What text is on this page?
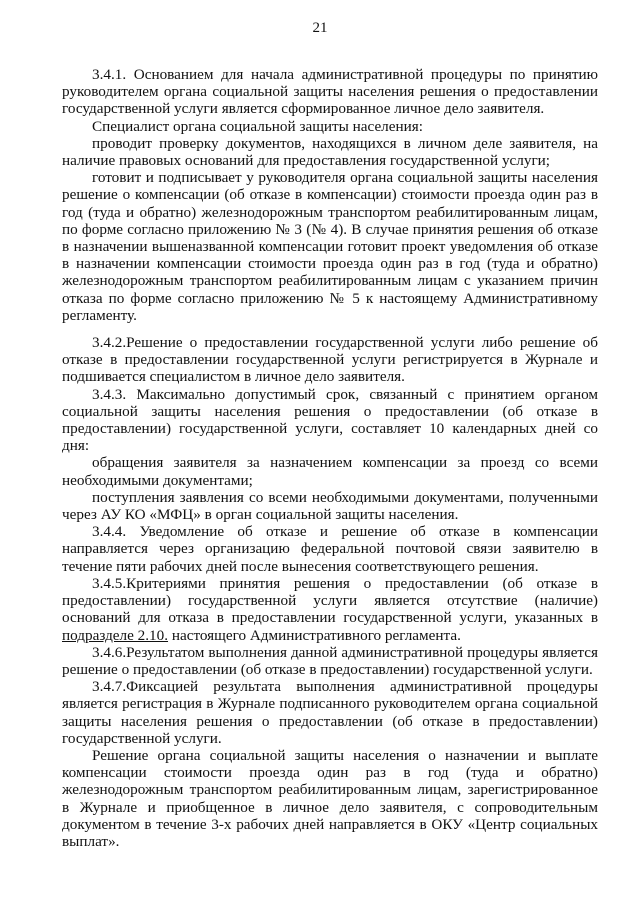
21

3.4.1. Основанием для начала административной процедуры по принятию руководителем органа социальной защиты населения решения о предоставлении государственной услуги является сформированное личное дело заявителя.

Специалист органа социальной защиты населения:

проводит проверку документов, находящихся в личном деле заявителя, на наличие правовых оснований для предоставления государственной услуги;

готовит и подписывает у руководителя органа социальной защиты населения решение о компенсации (об отказе в компенсации) стоимости проезда один раз в год (туда и обратно) железнодорожным транспортом реабилитированным лицам, по форме согласно приложению № 3 (№ 4). В случае принятия решения об отказе в назначении вышеназванной компенсации готовит проект уведомления об отказе в назначении компенсации стоимости проезда один раз в год (туда и обратно) железнодорожным транспортом реабилитированным лицам с указанием причин отказа по форме согласно приложению № 5 к настоящему Административному регламенту.

3.4.2.Решение о предоставлении государственной услуги либо решение об отказе в предоставлении государственной услуги регистрируется в Журнале и подшивается специалистом в личное дело заявителя.

3.4.3. Максимально допустимый срок, связанный с принятием органом социальной защиты населения решения о предоставлении (об отказе в предоставлении) государственной услуги, составляет 10 календарных дней со дня:

обращения заявителя за назначением компенсации за проезд со всеми необходимыми документами;

поступления заявления со всеми необходимыми документами, полученными через АУ КО «МФЦ» в орган социальной защиты населения.

3.4.4. Уведомление об отказе и решение об отказе в компенсации направляется через организацию федеральной почтовой связи заявителю в течение пяти рабочих дней после вынесения соответствующего решения.

3.4.5.Критериями принятия решения о предоставлении (об отказе в предоставлении) государственной услуги является отсутствие (наличие) оснований для отказа в предоставлении государственной услуги, указанных в подразделе 2.10. настоящего Административного регламента.

3.4.6.Результатом выполнения данной административной процедуры является решение о предоставлении (об отказе в предоставлении) государственной услуги.

3.4.7.Фиксацией результата выполнения административной процедуры является регистрация в Журнале подписанного руководителем органа социальной защиты населения решения о предоставлении (об отказе в предоставлении) государственной услуги.

Решение органа социальной защиты населения о назначении и выплате компенсации стоимости проезда один раз в год (туда и обратно) железнодорожным транспортом реабилитированным лицам, зарегистрированное в Журнале и приобщенное в личное дело заявителя, с сопроводительным документом в течение 3-х рабочих дней направляется в ОКУ «Центр социальных выплат».
